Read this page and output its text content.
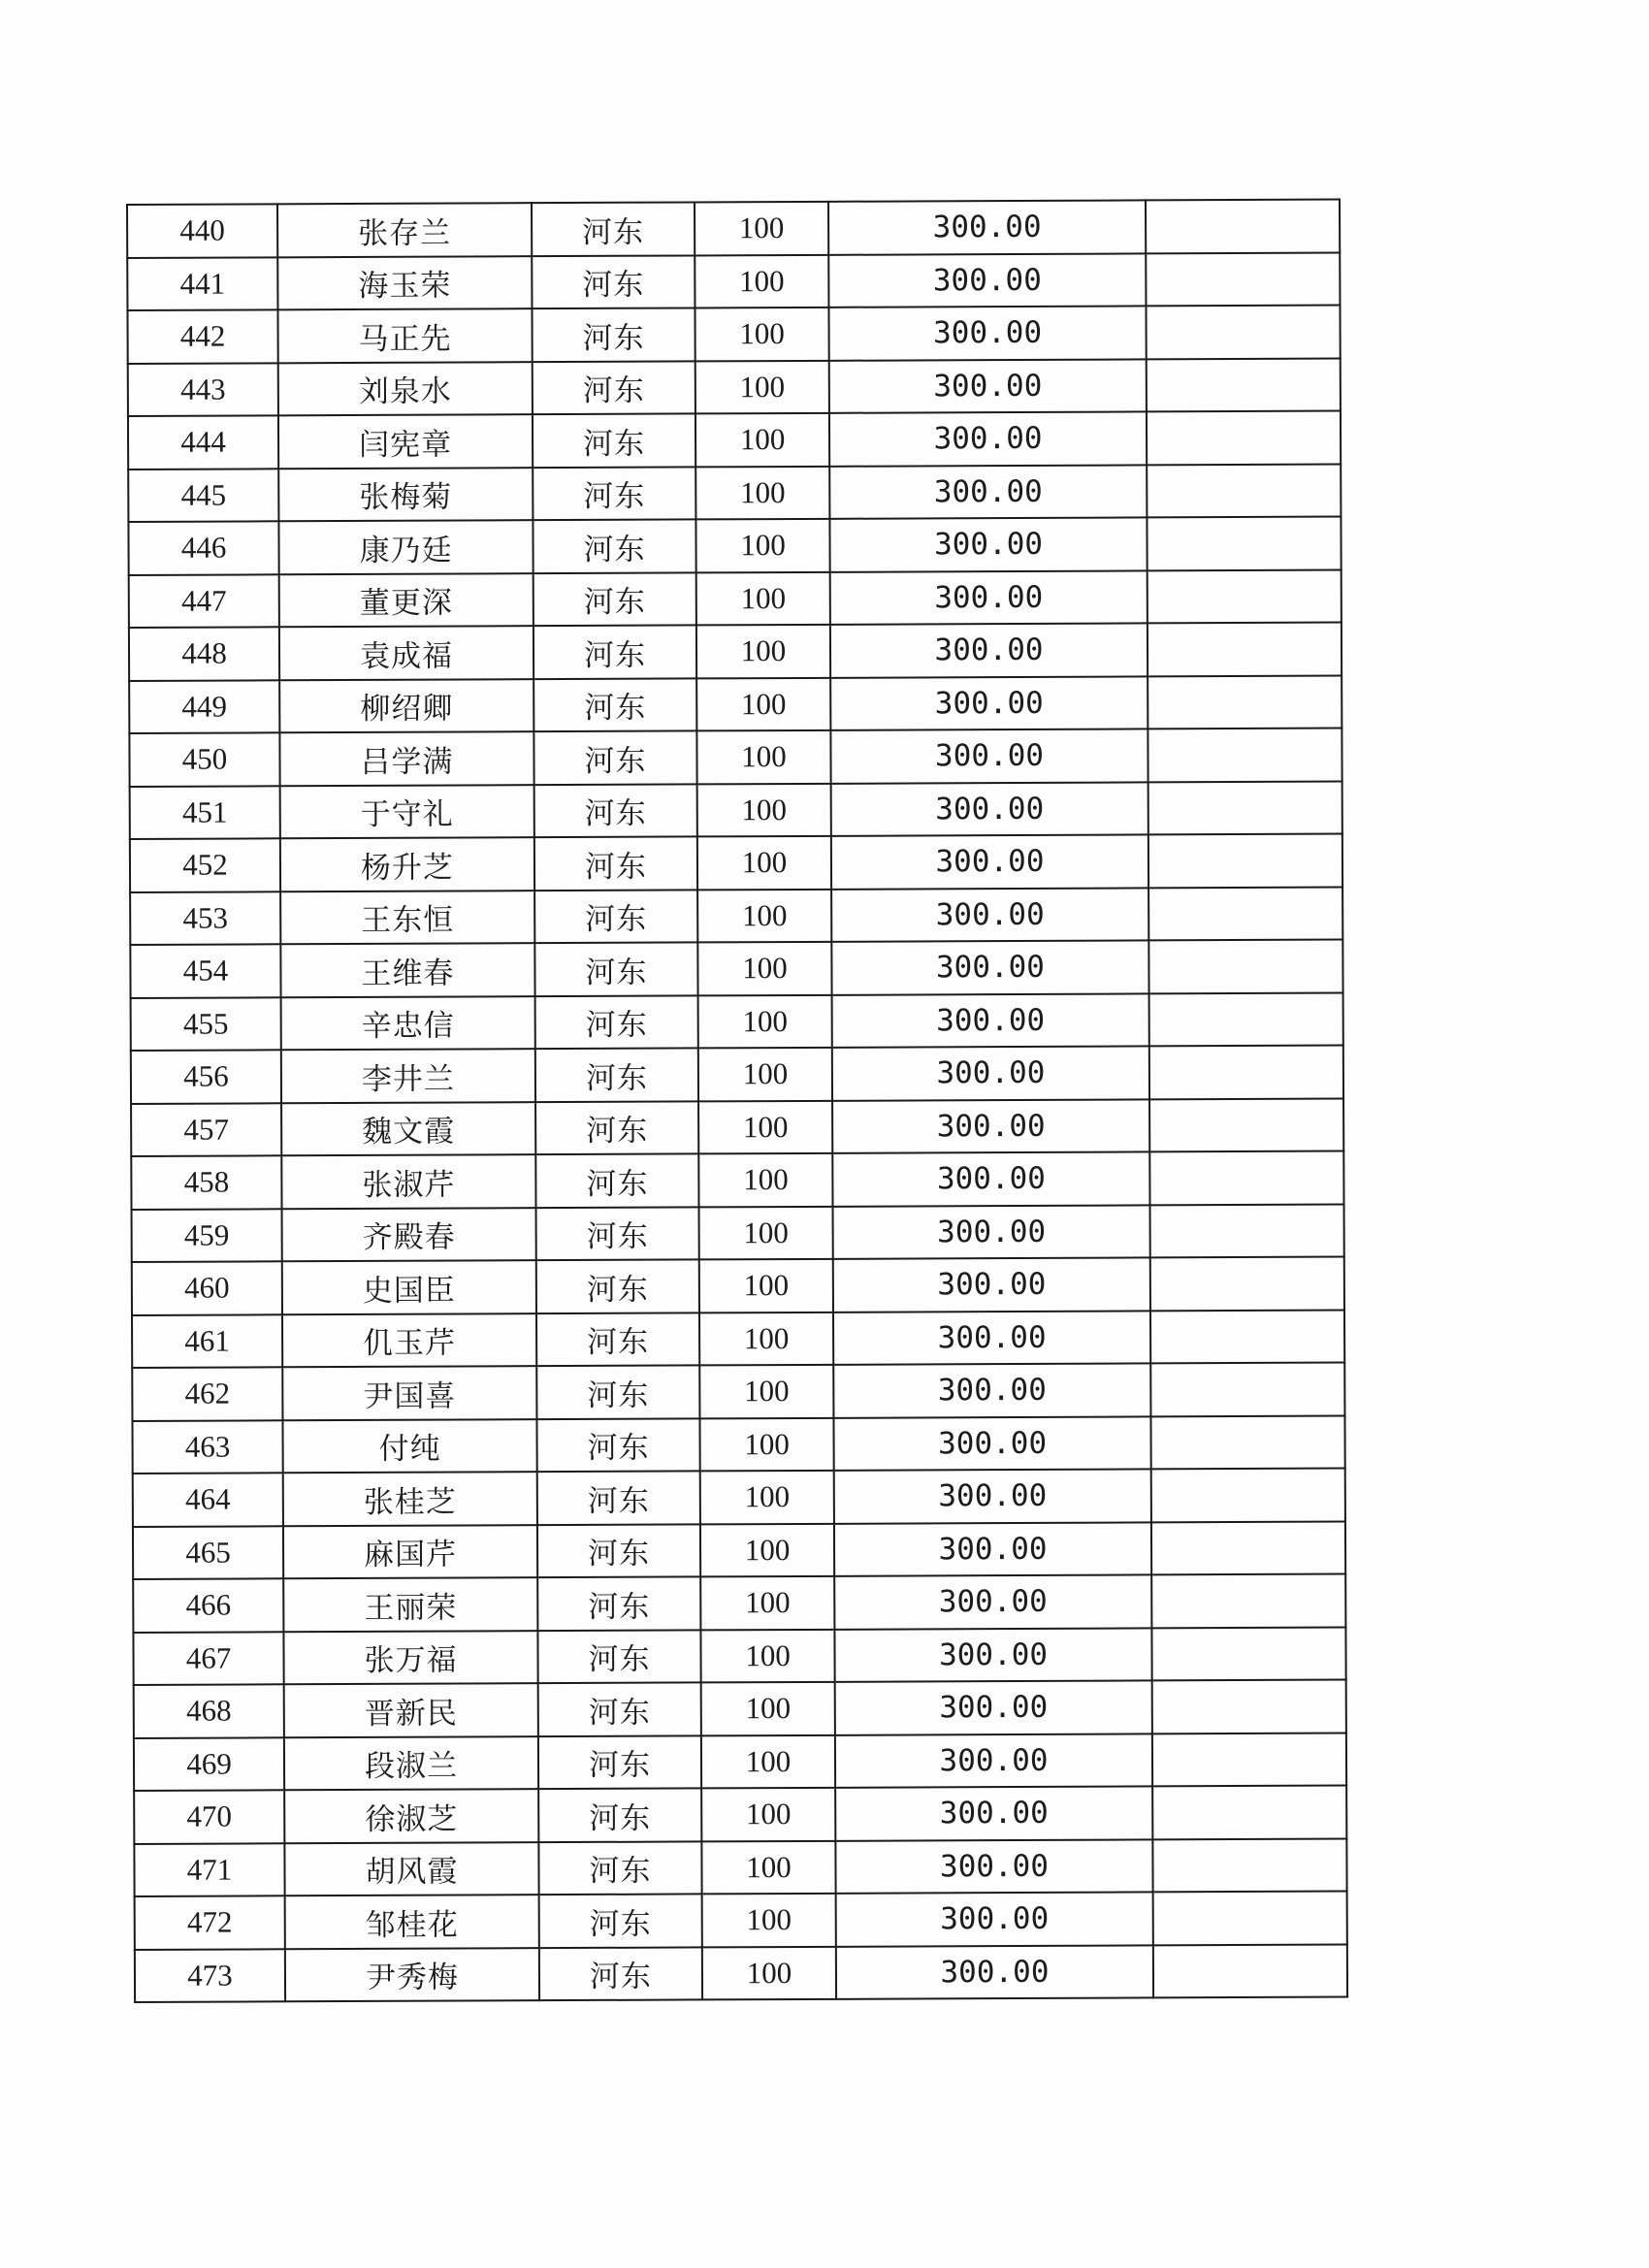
440	张存兰	河东	100	300.00	
441	海玉荣	河东	100	300.00	
442	马正先	河东	100	300.00	
443	刘泉水	河东	100	300.00	
444	闫宪章	河东	100	300.00	
445	张梅菊	河东	100	300.00	
446	康乃廷	河东	100	300.00	
447	董更深	河东	100	300.00	
448	袁成福	河东	100	300.00	
449	柳绍卿	河东	100	300.00	
450	吕学满	河东	100	300.00	
451	于守礼	河东	100	300.00	
452	杨升芝	河东	100	300.00	
453	王东恒	河东	100	300.00	
454	王维春	河东	100	300.00	
455	辛忠信	河东	100	300.00	
456	李井兰	河东	100	300.00	
457	魏文霞	河东	100	300.00	
458	张淑芹	河东	100	300.00	
459	齐殿春	河东	100	300.00	
460	史国臣	河东	100	300.00	
461	仉玉芹	河东	100	300.00	
462	尹国喜	河东	100	300.00	
463	付纯	河东	100	300.00	
464	张桂芝	河东	100	300.00	
465	麻国芹	河东	100	300.00	
466	王丽荣	河东	100	300.00	
467	张万福	河东	100	300.00	
468	晋新民	河东	100	300.00	
469	段淑兰	河东	100	300.00	
470	徐淑芝	河东	100	300.00	
471	胡风霞	河东	100	300.00	
472	邹桂花	河东	100	300.00	
473	尹秀梅	河东	100	300.00	
